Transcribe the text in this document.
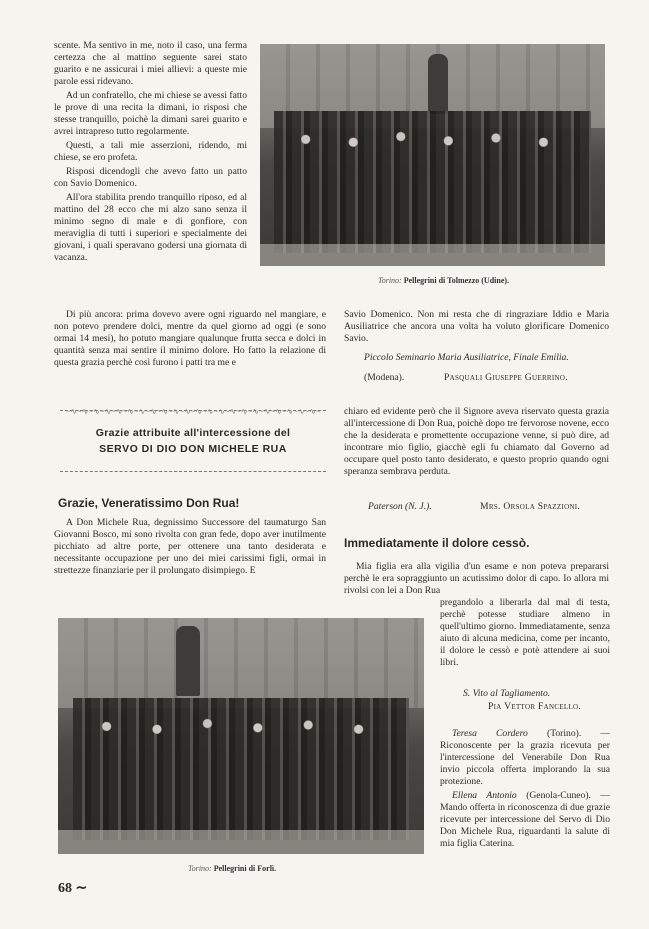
scente. Ma sentivo in me, noto il caso, una ferma certezza che al mattino seguente sarei stato guarito e ne assicurai i miei allievi: a queste mie parole essi ridevano.

Ad un confratello, che mi chiese se avessi fatto le prove di una recita la dimani, io risposi che stesse tranquillo, poichè la dimani sarei guarito e avrei intrapreso tutto regolarmente.

Questi, a tali mie asserzioni, ridendo, mi chiese, se ero profeta.

Risposi dicendogli che avevo fatto un patto con Savio Domenico.

All'ora stabilita prendo tranquillo riposo, ed al mattino del 28 ecco che mi alzo sano senza il minimo segno di male e di gonfiore, con meraviglia di tutti i superiori e specialmente dei giovani, i quali speravano godersi una giornata di vacanza.

Torino: Pellegrini di Tolmezzo (Udine).

Di più ancora: prima dovevo avere ogni riguardo nel mangiare, e non potevo prendere dolci, mentre da quel giorno ad oggi (e sono ormai 14 mesi), ho potuto mangiare qualunque frutta secca e dolci in quantità senza mai sentire il minimo dolore. Ho fatto la relazione di questa grazia perchè così furono i patti tra me e

Savio Domenico. Non mi resta che di ringraziare Iddio e Maria Ausiliatrice che ancora una volta ha voluto glorificare Domenico Savio.

Piccolo Seminario Maria Ausiliatrice, Finale Emilia.
(Modena).	Pasquali Giuseppe Guerrino.
~∿~∿~∿~∿~∿~∿~∿~∿~∿~∿~∿~∿~∿~∿~∿~∿~∿~∿~∿~∿~∿~∿~
Grazie attribuite all'intercessione del
SERVO DI DIO DON MICHELE RUA
Grazie, Veneratissimo Don Rua!

A Don Michele Rua, degnissimo Successore del taumaturgo San Giovanni Bosco, mi sono rivolta con gran fede, dopo aver inutilmente picchiato ad altre porte, per ottenere una tanto desiderata e necessitante occupazione per uno dei miei carissimi figli, ormai in strettezze finanziarie per il prolungato disimpiego. E

chiaro ed evidente però che il Signore aveva riservato questa grazia all'intercessione di Don Rua, poichè dopo tre fervorose novene, ecco che la desiderata e promettente occupazione venne, si può dire, ad incontrare mio figlio, giacchè egli fu chiamato dal Governo ad occupare quel posto tanto desiderato, e questo proprio quando ogni speranza sembrava perduta.

Paterson (N. J.).	Mrs. Orsola Spazzioni.
Immediatamente il dolore cessò.

Mia figlia era alla vigilia d'un esame e non poteva prepararsi perchè le era sopraggiunto un acutissimo dolor di capo. Io allora mi rivolsi con lei a Don Rua

pregandolo a liberarla dal mal di testa, perchè potesse studiare almeno in quell'ultimo giorno. Immediatamente, senza aiuto di alcuna medicina, come per incanto, il dolore le cessò e potè attendere ai suoi libri.

S. Vito al Tagliamento.
Pia Vettor Fancello.

Teresa Cordero (Torino). — Riconoscente per la grazia ricevuta per l'intercessione del Venerabile Don Rua invio piccola offerta implorando la sua protezione.

Ellena Antonio (Genola-Cuneo). — Mando offerta in riconoscenza di due grazie ricevute per intercessione del Servo di Dio Don Michele Rua, riguardanti la salute di mia figlia Caterina.

Torino: Pellegrini di Forlì.
68 ∼
